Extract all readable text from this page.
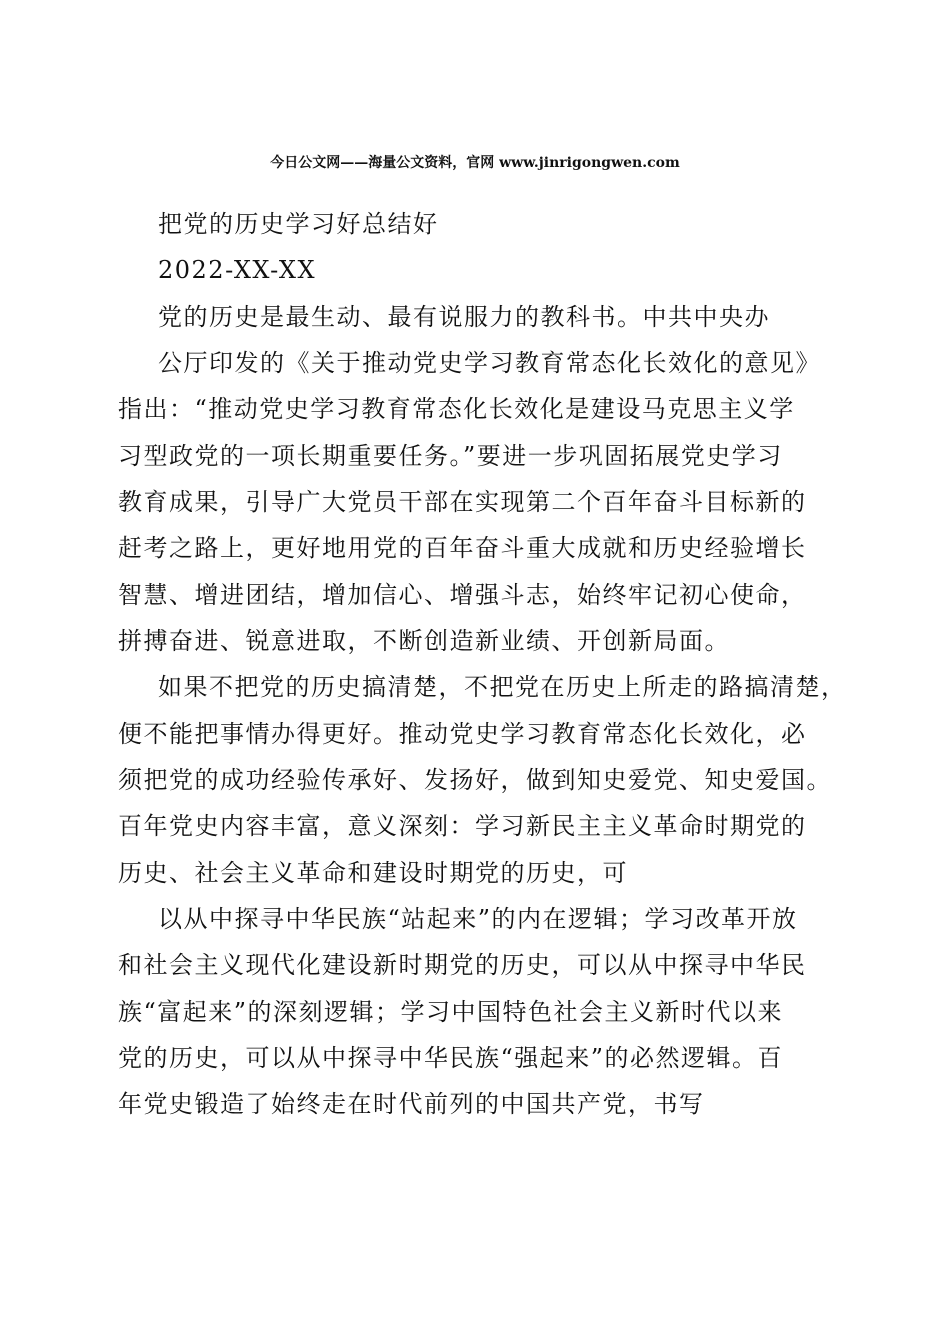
今日公文网——海量公文资料，官网 www.jinrigongwen.com
把党的历史学习好总结好
2022-XX-XX
党的历史是最生动、最有说服力的教科书。中共中央办
公厅印发的《关于推动党史学习教育常态化长效化的意见》
指出：“推动党史学习教育常态化长效化是建设马克思主义学
习型政党的一项长期重要任务。”要进一步巩固拓展党史学习
教育成果，引导广大党员干部在实现第二个百年奋斗目标新的
赶考之路上，更好地用党的百年奋斗重大成就和历史经验增长
智慧、增进团结，增加信心、增强斗志，始终牢记初心使命，
拼搏奋进、锐意进取，不断创造新业绩、开创新局面。
如果不把党的历史搞清楚，不把党在历史上所走的路搞清楚，
便不能把事情办得更好。推动党史学习教育常态化长效化，必
须把党的成功经验传承好、发扬好，做到知史爱党、知史爱国。
百年党史内容丰富，意义深刻：学习新民主主义革命时期党的
历史、社会主义革命和建设时期党的历史，可
以从中探寻中华民族“站起来”的内在逻辑；学习改革开放
和社会主义现代化建设新时期党的历史，可以从中探寻中华民
族“富起来”的深刻逻辑；学习中国特色社会主义新时代以来
党的历史，可以从中探寻中华民族“强起来”的必然逻辑。百
年党史锻造了始终走在时代前列的中国共产党，书写
